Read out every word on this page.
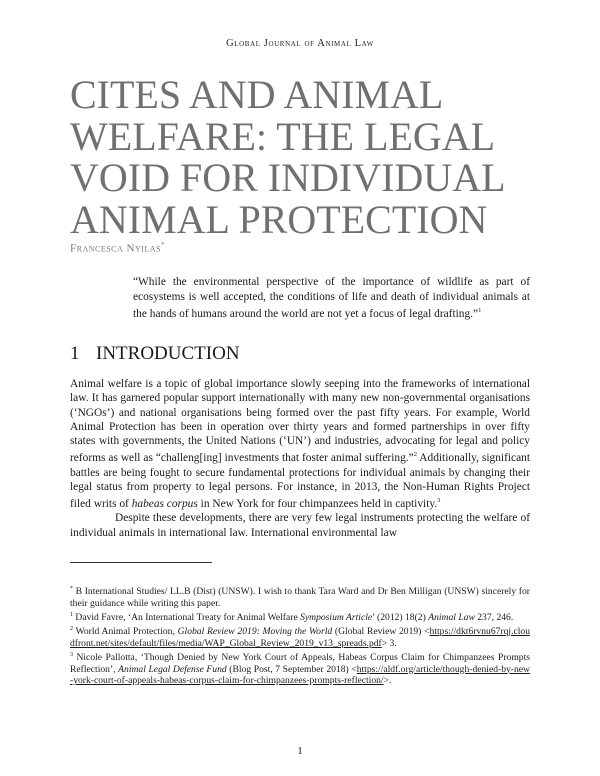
Global Journal of Animal Law
CITES AND ANIMAL
WELFARE: THE LEGAL
VOID FOR INDIVIDUAL
ANIMAL PROTECTION
Francesca Nyilas*

“While the environmental perspective of the importance of wildlife as part of ecosystems is well accepted, the conditions of life and death of individual animals at the hands of humans around the world are not yet a focus of legal drafting.”$^1$

1 INTRODUCTION

Animal welfare is a topic of global importance slowly seeping into the frameworks of international law. It has garnered popular support internationally with many new non-governmental organisations (‘NGOs’) and national organisations being formed over the past fifty years. For example, World Animal Protection has been in operation over thirty years and formed partnerships in over fifty states with governments, the United Nations (‘UN’) and industries, advocating for legal and policy reforms as well as “challeng[ing] investments that foster animal suffering.”$^2$ Additionally, significant battles are being fought to secure fundamental protections for individual animals by changing their legal status from property to legal persons. For instance, in 2013, the Non-Human Rights Project filed writs of habeas corpus in New York for four chimpanzees held in captivity.$^3$

Despite these developments, there are very few legal instruments protecting the welfare of individual animals in international law. International environmental law

* B International Studies/ LL.B (Dist) (UNSW). I wish to thank Tara Ward and Dr Ben Milligan (UNSW) sincerely for their guidance while writing this paper.

$^1$ David Favre, ‘An International Treaty for Animal Welfare Symposium Article’ (2012) 18(2) Animal Law 237, 246.

$^2$ World Animal Protection, Global Review 2019: Moving the World (Global Review 2019) <https://dkt6rvnu67rqj.cloudfront.net/sites/default/files/media/WAP_Global_Review_2019_v13_spreads.pdf> 3.

$^3$ Nicole Pallotta, ‘Though Denied by New York Court of Appeals, Habeas Corpus Claim for Chimpanzees Prompts Reflection’, Animal Legal Defense Fund (Blog Post, 7 September 2018) <https://aldf.org/article/though-denied-by-new-york-court-of-appeals-habeas-corpus-claim-for-chimpanzees-prompts-reflection/>.

1
